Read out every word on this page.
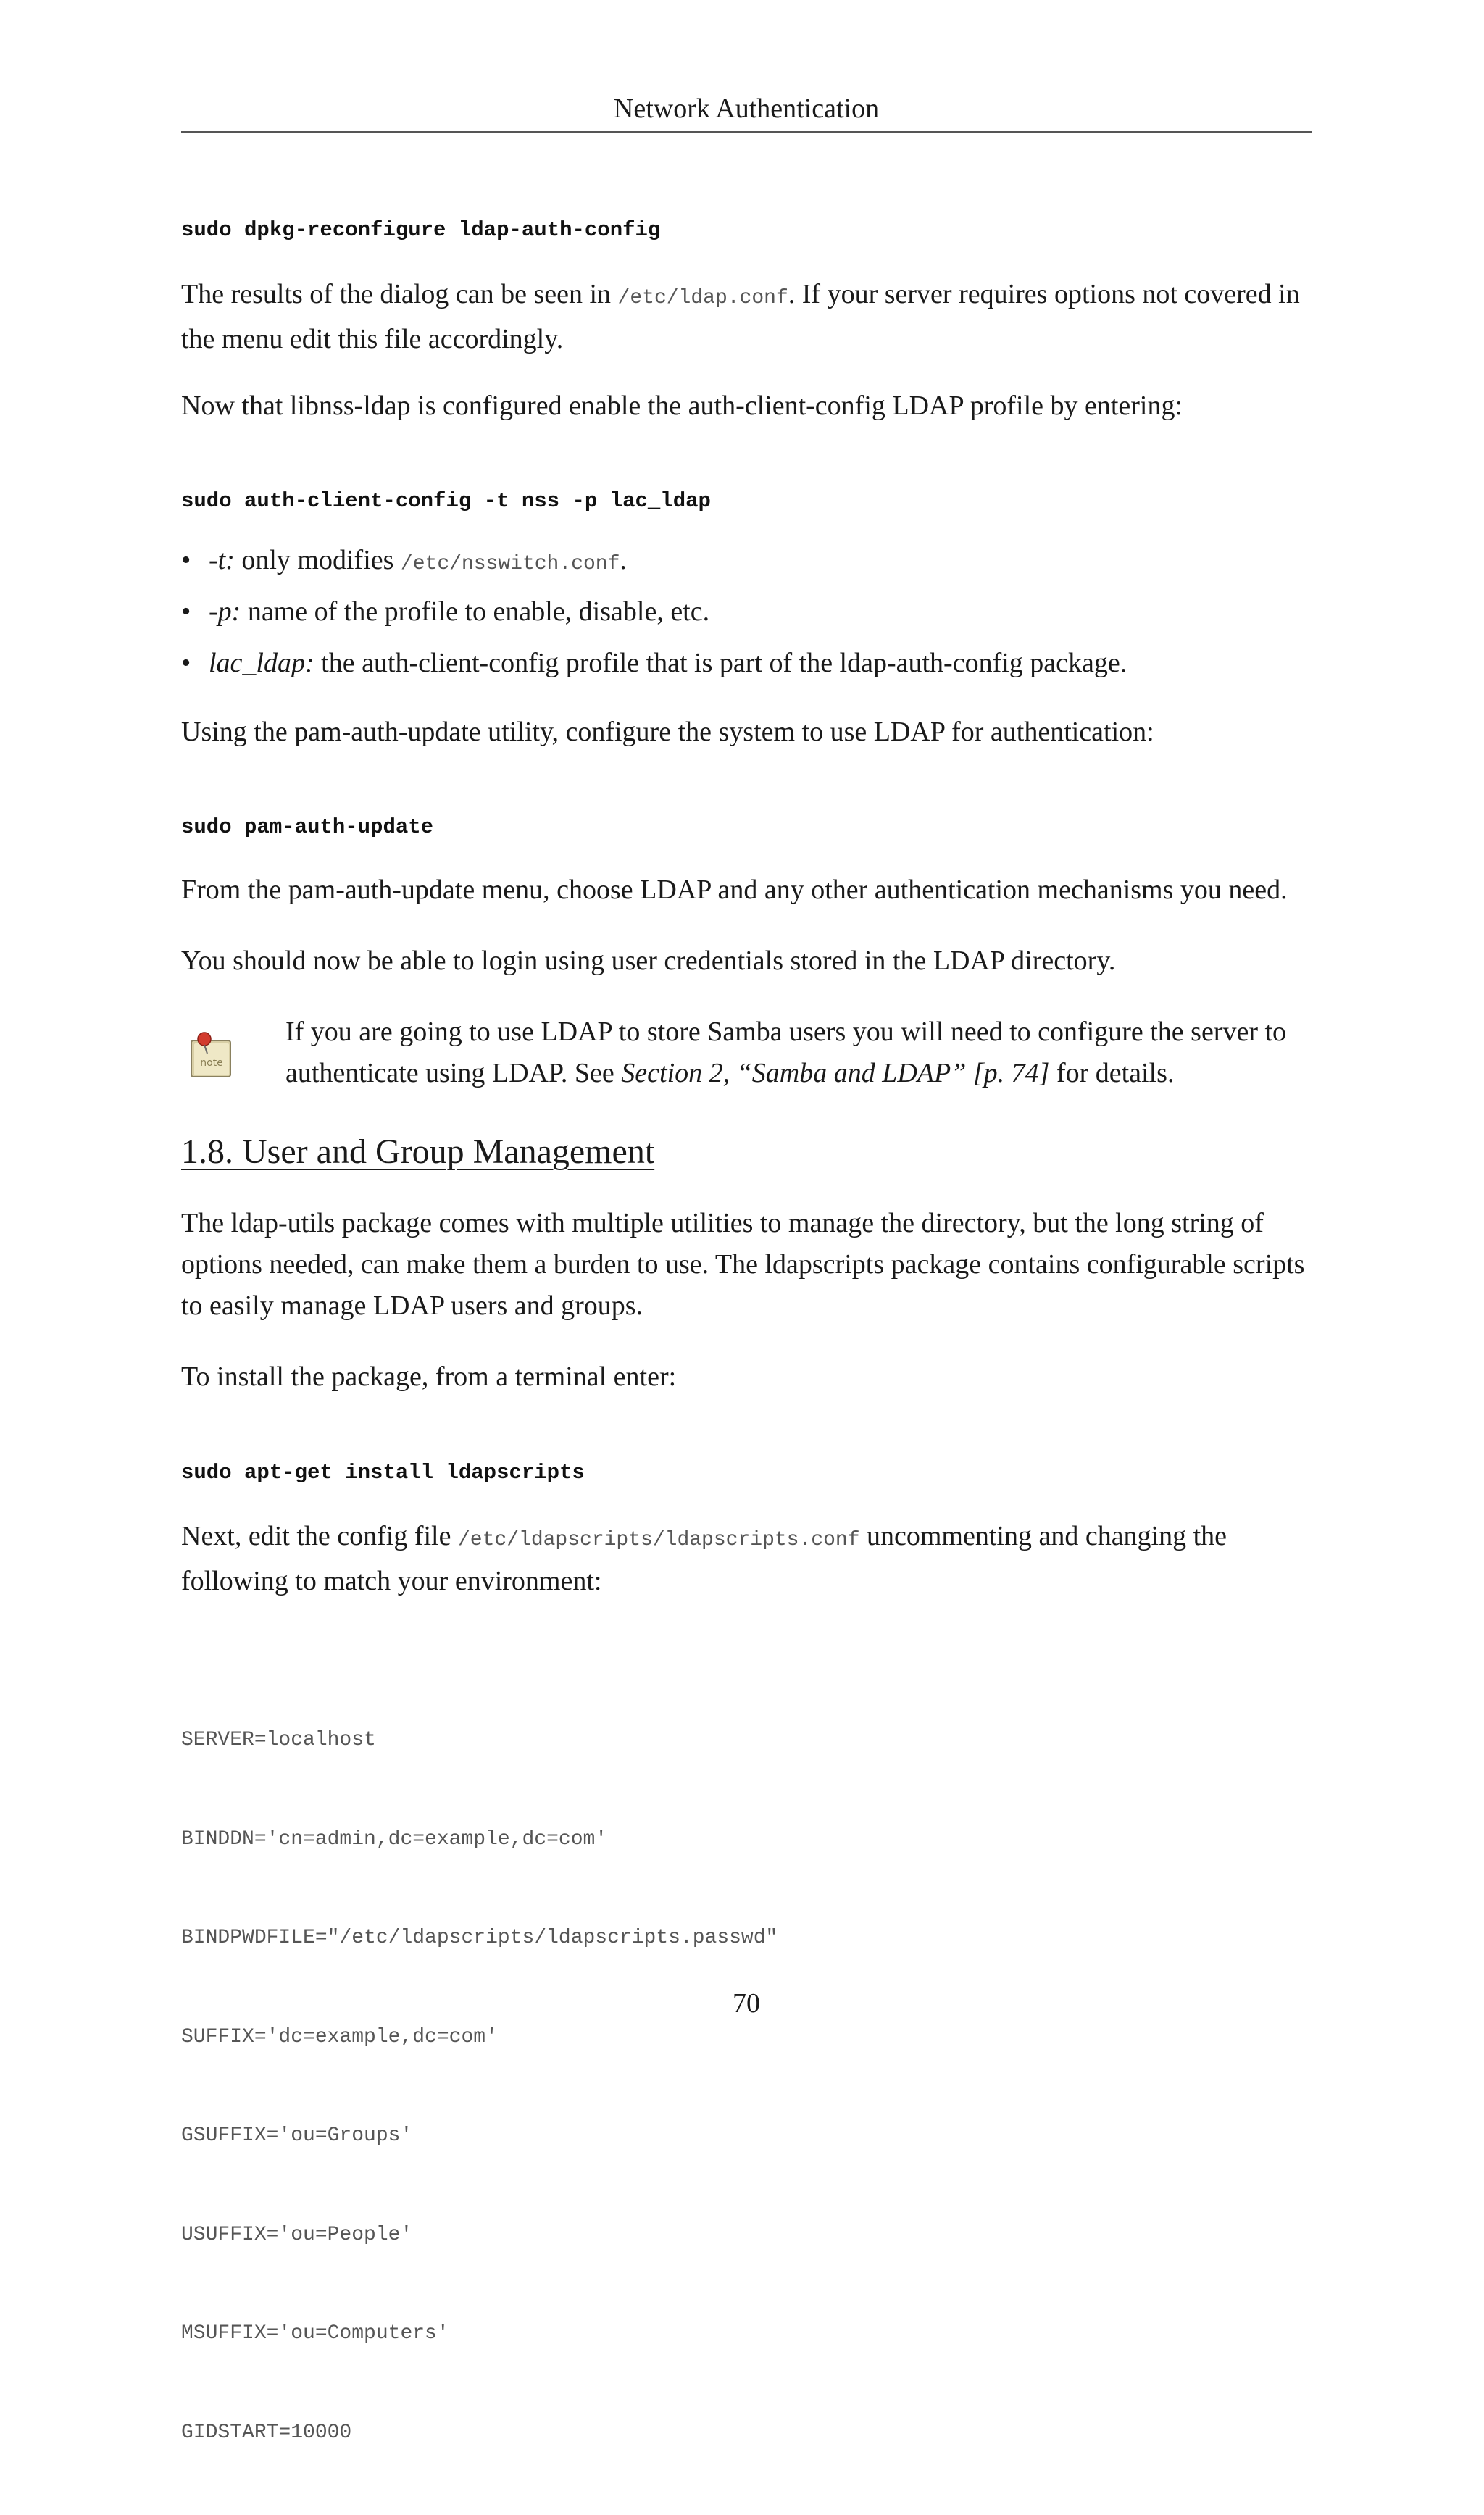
Network Authentication
sudo dpkg-reconfigure ldap-auth-config

The results of the dialog can be seen in /etc/ldap.conf. If your server requires options not covered in the menu edit this file accordingly.

Now that libnss-ldap is configured enable the auth-client-config LDAP profile by entering:

sudo auth-client-config -t nss -p lac_ldap
• -t: only modifies /etc/nsswitch.conf.
• -p: name of the profile to enable, disable, etc.
• lac_ldap: the auth-client-config profile that is part of the ldap-auth-config package.

Using the pam-auth-update utility, configure the system to use LDAP for authentication:

sudo pam-auth-update

From the pam-auth-update menu, choose LDAP and any other authentication mechanisms you need.

You should now be able to login using user credentials stored in the LDAP directory.

note

If you are going to use LDAP to store Samba users you will need to configure the server to authenticate using LDAP. See Section 2, “Samba and LDAP” [p. 74] for details.

1.8. User and Group Management

The ldap-utils package comes with multiple utilities to manage the directory, but the long string of options needed, can make them a burden to use. The ldapscripts package contains configurable scripts to easily manage LDAP users and groups.

To install the package, from a terminal enter:

sudo apt-get install ldapscripts

Next, edit the config file /etc/ldapscripts/ldapscripts.conf uncommenting and changing the following to match your environment:

SERVER=localhost

BINDDN='cn=admin,dc=example,dc=com'

BINDPWDFILE="/etc/ldapscripts/ldapscripts.passwd"

SUFFIX='dc=example,dc=com'

GSUFFIX='ou=Groups'

USUFFIX='ou=People'

MSUFFIX='ou=Computers'

GIDSTART=10000

70
